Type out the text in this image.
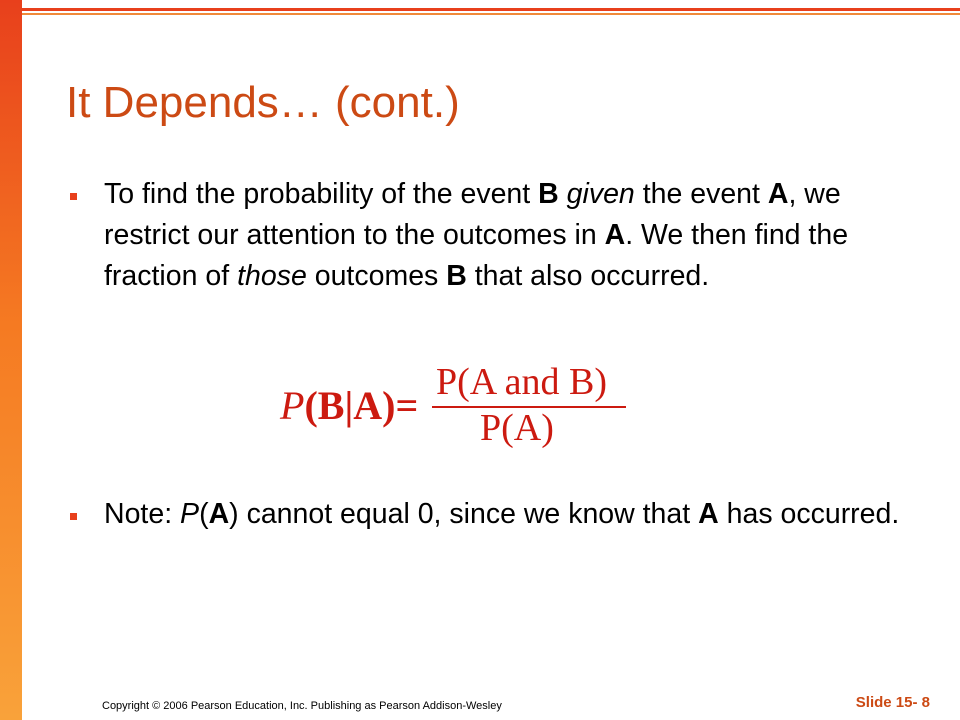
It Depends… (cont.)

To find the probability of the event B given the event A, we restrict our attention to the outcomes in A. We then find the fraction of those outcomes B that also occurred.

P(B|A)=
P(A and B)
P(A)

Note: P(A) cannot equal 0, since we know that A has occurred.

Copyright © 2006 Pearson Education, Inc. Publishing as Pearson Addison-Wesley	Slide 15- 8
